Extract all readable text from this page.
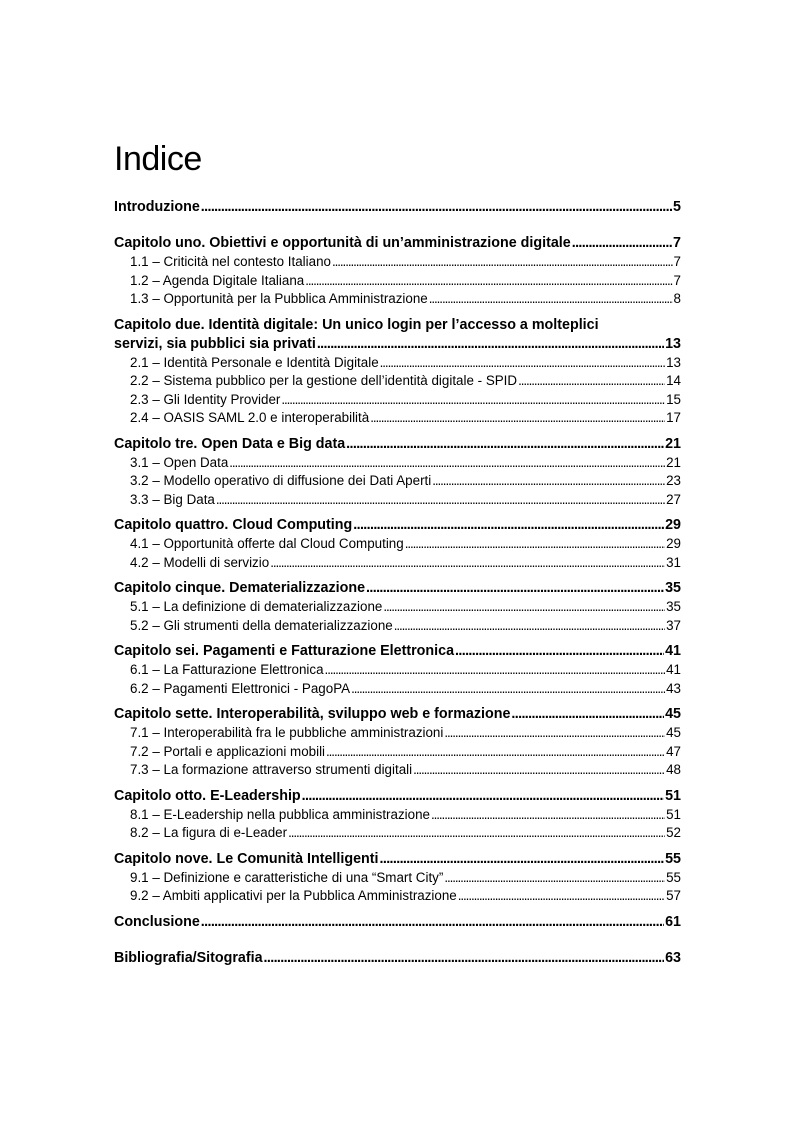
Indice
Introduzione . . .	5
Capitolo uno. Obiettivi e opportunità di un’amministrazione digitale . . .	7
1.1 – Criticità nel contesto Italiano . . .	7
1.2 – Agenda Digitale Italiana . . .	7
1.3 – Opportunità per la Pubblica Amministrazione . . .	8
Capitolo due. Identità digitale: Un unico login per l’accesso a molteplici
servizi, sia pubblici sia privati . . .	13
2.1 – Identità Personale e Identità Digitale . . .	13
2.2 – Sistema pubblico per la gestione dell’identità digitale - SPID . . .	14
2.3 – Gli Identity Provider . . .	15
2.4 – OASIS SAML 2.0 e interoperabilità . . .	17
Capitolo tre. Open Data e Big data . . .	21
3.1 – Open Data . . .	21
3.2 – Modello operativo di diffusione dei Dati Aperti . . .	23
3.3 – Big Data . . .	27
Capitolo quattro. Cloud Computing . . .	29
4.1 – Opportunità offerte dal Cloud Computing . . .	29
4.2 – Modelli di servizio . . .	31
Capitolo cinque. Dematerializzazione . . .	35
5.1 – La definizione di dematerializzazione . . .	35
5.2 – Gli strumenti della dematerializzazione . . .	37
Capitolo sei. Pagamenti e Fatturazione Elettronica . . .	41
6.1 – La Fatturazione Elettronica . . .	41
6.2 – Pagamenti Elettronici - PagoPA . . .	43
Capitolo sette. Interoperabilità, sviluppo web e formazione . . .	45
7.1 – Interoperabilità fra le pubbliche amministrazioni . . .	45
7.2 – Portali e applicazioni mobili . . .	47
7.3 – La formazione attraverso strumenti digitali . . .	48
Capitolo otto. E-Leadership . . .	51
8.1 – E-Leadership nella pubblica amministrazione . . .	51
8.2 – La figura di e-Leader . . .	52
Capitolo nove. Le Comunità Intelligenti . . .	55
9.1 – Definizione e caratteristiche di una “Smart City” . . .	55
9.2 – Ambiti applicativi per la Pubblica Amministrazione . . .	57
Conclusione . . .	61
Bibliografia/Sitografia . . .	63
